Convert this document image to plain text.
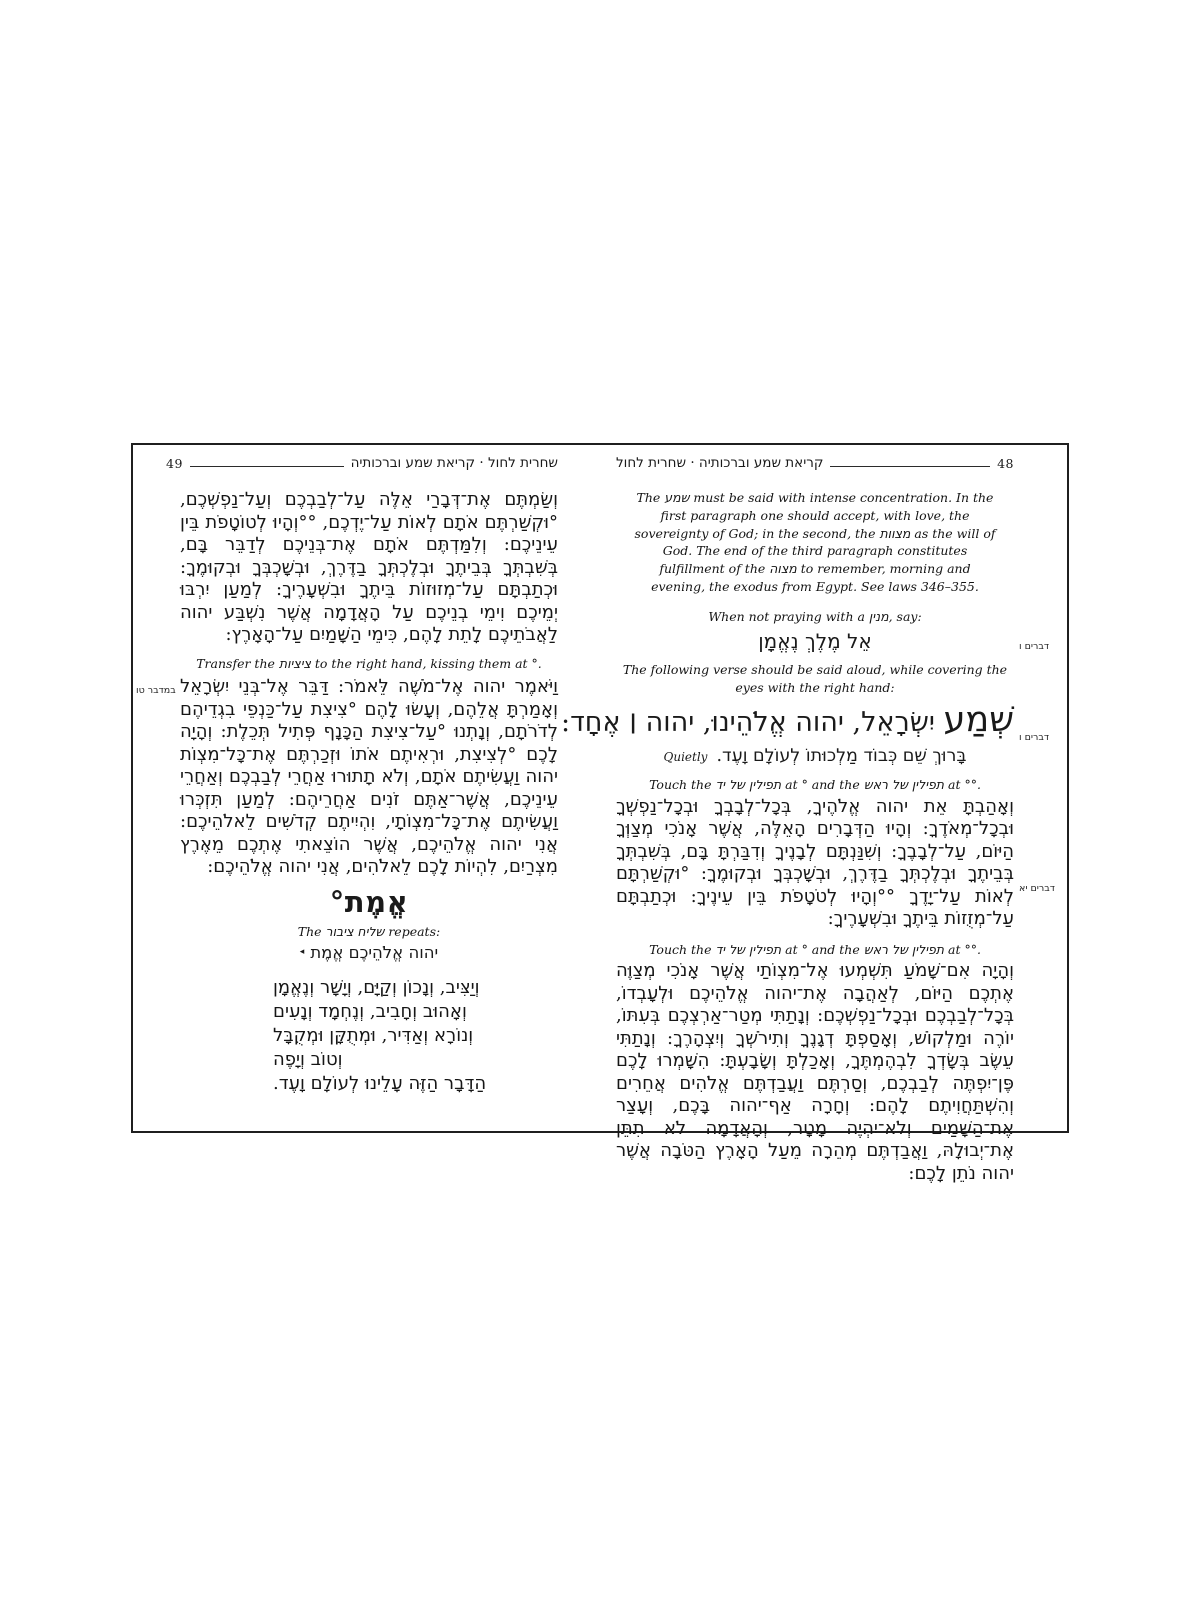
49	שחרית לחול · קריאת שמע וברכותיה	קריאת שמע וברכותיה · שחרית לחול	48
במדבר טו
דברים ו
דברים ו
דברים יא
The שמע must be said with intense concentration. In the first paragraph one should accept, with love, the sovereignty of God; in the second, the מצוות as the will of God. The end of the third paragraph constitutes fulfillment of the מצוה to remember, morning and evening, the exodus from Egypt. See laws 346–355.
When not praying with a מנין, say:
אֵל מֶלֶךְ נֶאֱמָן
The following verse should be said aloud, while covering the eyes with the right hand:
שְׁמַע יִשְׂרָאֵל, יהוה אֱלֹהֵינוּ, יהוה ׀ אֶחָד:
Quietly בָּרוּךְ שֵׁם כְּבוֹד מַלְכוּתוֹ לְעוֹלָם וָעֶד.
Touch the תפילין של יד at ° and the תפילין של ראש at °°.
וְאָהַבְתָּ אֵת יהוה אֱלֹהֶיךָ, בְּכָל־לְבָבְךָ וּבְכָל־נַפְשְׁךָ וּבְכָל־מְאֹדֶךָ: וְהָיוּ הַדְּבָרִים הָאֵלֶּה, אֲשֶׁר אָנֹכִי מְצַוְּךָ הַיּוֹם, עַל־לְבָבֶךָ: וְשִׁנַּנְתָּם לְבָנֶיךָ וְדִבַּרְתָּ בָּם, בְּשִׁבְתְּךָ בְּבֵיתֶךָ וּבְלֶכְתְּךָ בַדֶּרֶךְ, וּבְשָׁכְבְּךָ וּבְקוּמֶךָ: °וּקְשַׁרְתָּם לְאוֹת עַל־יָדֶךָ °°וְהָיוּ לְטֹטָפֹת בֵּין עֵינֶיךָ: וּכְתַבְתָּם עַל־מְזֻזוֹת בֵּיתֶךָ וּבִשְׁעָרֶיךָ:
Touch the תפילין של יד at ° and the תפילין של ראש at °°.
וְהָיָה אִם־שָׁמֹעַ תִּשְׁמְעוּ אֶל־מִצְוֹתַי אֲשֶׁר אָנֹכִי מְצַוֶּה אֶתְכֶם הַיּוֹם, לְאַהֲבָה אֶת־יהוה אֱלֹהֵיכֶם וּלְעָבְדוֹ, בְּכָל־לְבַבְכֶם וּבְכָל־נַפְשְׁכֶם: וְנָתַתִּי מְטַר־אַרְצְכֶם בְּעִתּוֹ, יוֹרֶה וּמַלְקוֹשׁ, וְאָסַפְתָּ דְגָנֶךָ וְתִירֹשְׁךָ וְיִצְהָרֶךָ: וְנָתַתִּי עֵשֶׂב בְּשָׂדְךָ לִבְהֶמְתֶּךָ, וְאָכַלְתָּ וְשָׂבָעְתָּ: הִשָּׁמְרוּ לָכֶם פֶּן־יִפְתֶּה לְבַבְכֶם, וְסַרְתֶּם וַעֲבַדְתֶּם אֱלֹהִים אֲחֵרִים וְהִשְׁתַּחֲוִיתֶם לָהֶם: וְחָרָה אַף־יהוה בָּכֶם, וְעָצַר אֶת־הַשָּׁמַיִם וְלֹא־יִהְיֶה מָטָר, וְהָאֲדָמָה לֹא תִתֵּן אֶת־יְבוּלָהּ, וַאֲבַדְתֶּם מְהֵרָה מֵעַל הָאָרֶץ הַטֹּבָה אֲשֶׁר יהוה נֹתֵן לָכֶם:
וְשַׂמְתֶּם אֶת־דְּבָרַי אֵלֶּה עַל־לְבַבְכֶם וְעַל־נַפְשְׁכֶם, °וּקְשַׁרְתֶּם אֹתָם לְאוֹת עַל־יֶדְכֶם, °°וְהָיוּ לְטוֹטָפֹת בֵּין עֵינֵיכֶם: וְלִמַּדְתֶּם אֹתָם אֶת־בְּנֵיכֶם לְדַבֵּר בָּם, בְּשִׁבְתְּךָ בְּבֵיתֶךָ וּבְלֶכְתְּךָ בַדֶּרֶךְ, וּבְשָׁכְבְּךָ וּבְקוּמֶךָ: וּכְתַבְתָּם עַל־מְזוּזוֹת בֵּיתֶךָ וּבִשְׁעָרֶיךָ: לְמַעַן יִרְבּוּ יְמֵיכֶם וִימֵי בְנֵיכֶם עַל הָאֲדָמָה אֲשֶׁר נִשְׁבַּע יהוה לַאֲבֹתֵיכֶם לָתֵת לָהֶם, כִּימֵי הַשָּׁמַיִם עַל־הָאָרֶץ:
Transfer the ציציות to the right hand, kissing them at °.
וַיֹּאמֶר יהוה אֶל־מֹשֶׁה לֵּאמֹר: דַּבֵּר אֶל־בְּנֵי יִשְׂרָאֵל וְאָמַרְתָּ אֲלֵהֶם, וְעָשׂוּ לָהֶם °צִיצִת עַל־כַּנְפֵי בִגְדֵיהֶם לְדֹרֹתָם, וְנָתְנוּ °עַל־צִיצִת הַכָּנָף פְּתִיל תְּכֵלֶת: וְהָיָה לָכֶם °לְצִיצִת, וּרְאִיתֶם אֹתוֹ וּזְכַרְתֶּם אֶת־כָּל־מִצְוֹת יהוה וַעֲשִׂיתֶם אֹתָם, וְלֹא תָתוּרוּ אַחֲרֵי לְבַבְכֶם וְאַחֲרֵי עֵינֵיכֶם, אֲשֶׁר־אַתֶּם זֹנִים אַחֲרֵיהֶם: לְמַעַן תִּזְכְּרוּ וַעֲשִׂיתֶם אֶת־כָּל־מִצְוֹתָי, וִהְיִיתֶם קְדֹשִׁים לֵאלֹהֵיכֶם: אֲנִי יהוה אֱלֹהֵיכֶם, אֲשֶׁר הוֹצֵאתִי אֶתְכֶם מֵאֶרֶץ מִצְרַיִם, לִהְיוֹת לָכֶם לֵאלֹהִים, אֲנִי יהוה אֱלֹהֵיכֶם:
°אֱמֶת
The שליח ציבור repeats:
◂ יהוה אֱלֹהֵיכֶם אֱמֶת
וְיַצִּיב, וְנָכוֹן וְקַיָּם, וְיָשָׁר וְנֶאֱמָן
וְאָהוּב וְחָבִיב, וְנֶחְמָד וְנָעִים
וְנוֹרָא וְאַדִּיר, וּמְתֻקָּן וּמְקֻבָּל
וְטוֹב וְיָפֶה
הַדָּבָר הַזֶּה עָלֵינוּ לְעוֹלָם וָעֶד.
